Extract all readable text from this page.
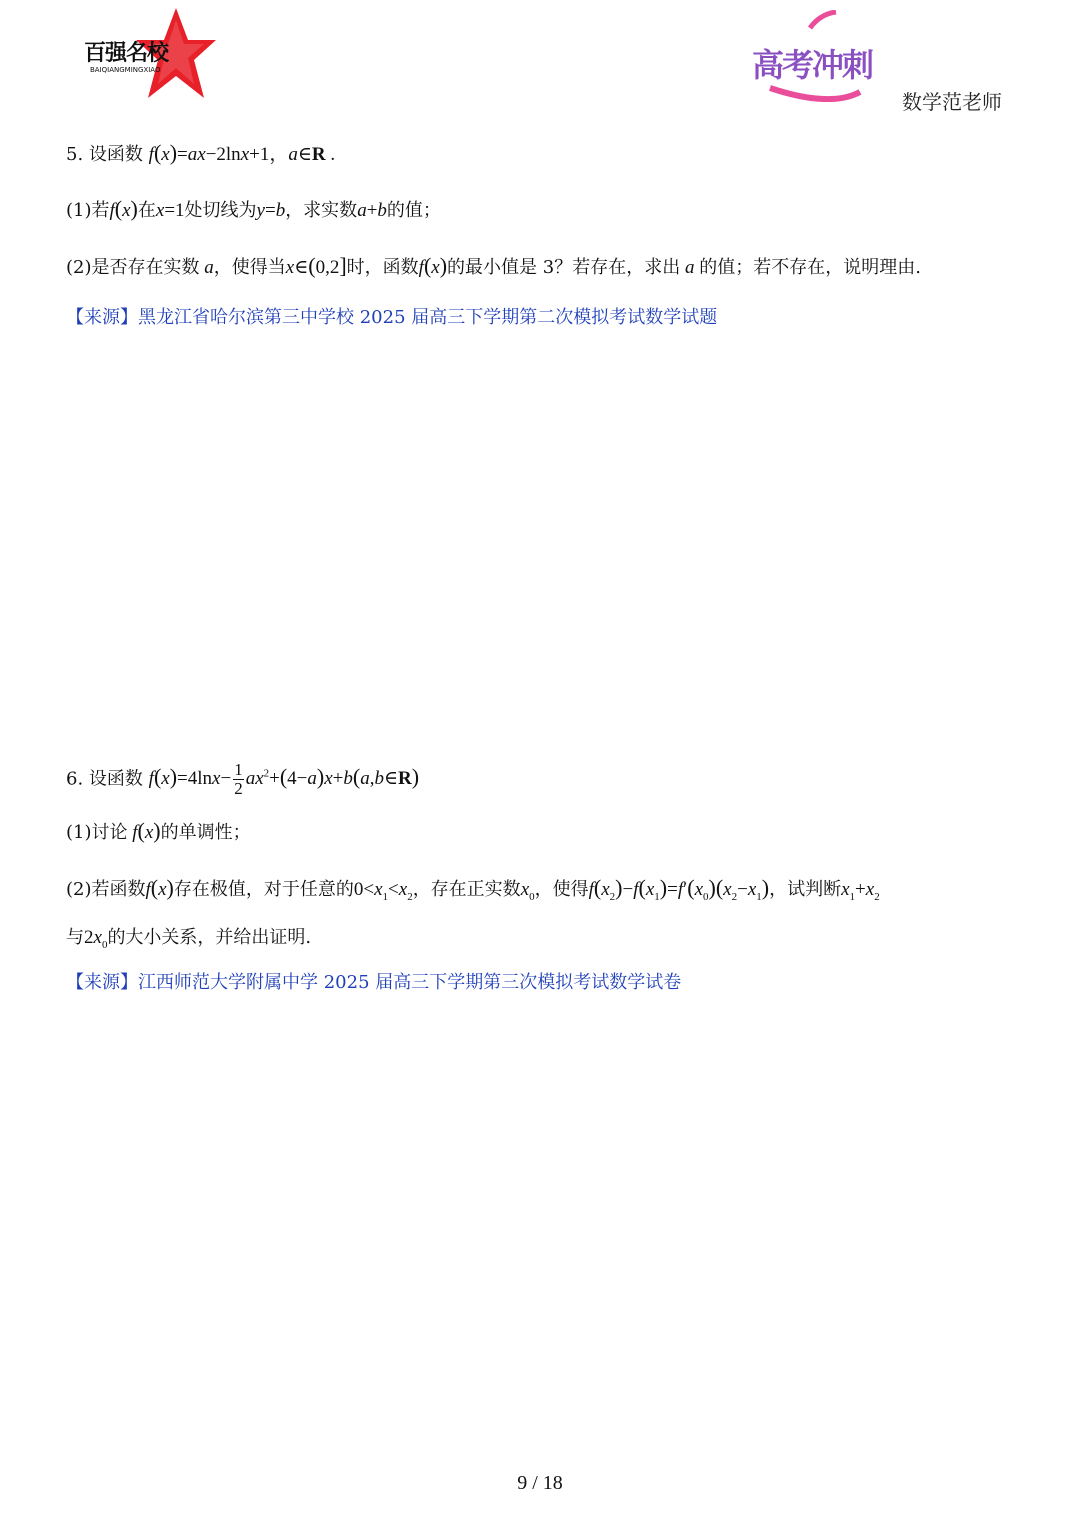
百强名校
BAIQIANGMINGXIAO	高考冲刺
数学范老师
5. 设函数 f(x)=ax−2lnx+1，a∈R .
(1)若f(x)在x=1处切线为y=b，求实数a+b的值；
(2)是否存在实数 a，使得当x∈(0,2]时，函数f(x)的最小值是 3？若存在，求出 a 的值；若不存在，说明理由.
【来源】黑龙江省哈尔滨第三中学校 2025 届高三下学期第二次模拟考试数学试题
6. 设函数 $f(x)=4\ln x- \frac{1}{2}$ $ax^2+(4-a)x+b(a,b\in R)$
(1)讨论 f(x)的单调性；
(2)若函数f(x)存在极值，对于任意的$0<x_1<x_2$，存在正实数$x_0$，使得$f(x_2)-f(x_1)=f'(x_0)(x_2-x_1)$，试判断$x_1+x_2$
与$2x_0$的大小关系，并给出证明.
【来源】江西师范大学附属中学 2025 届高三下学期第三次模拟考试数学试卷
9 / 18
